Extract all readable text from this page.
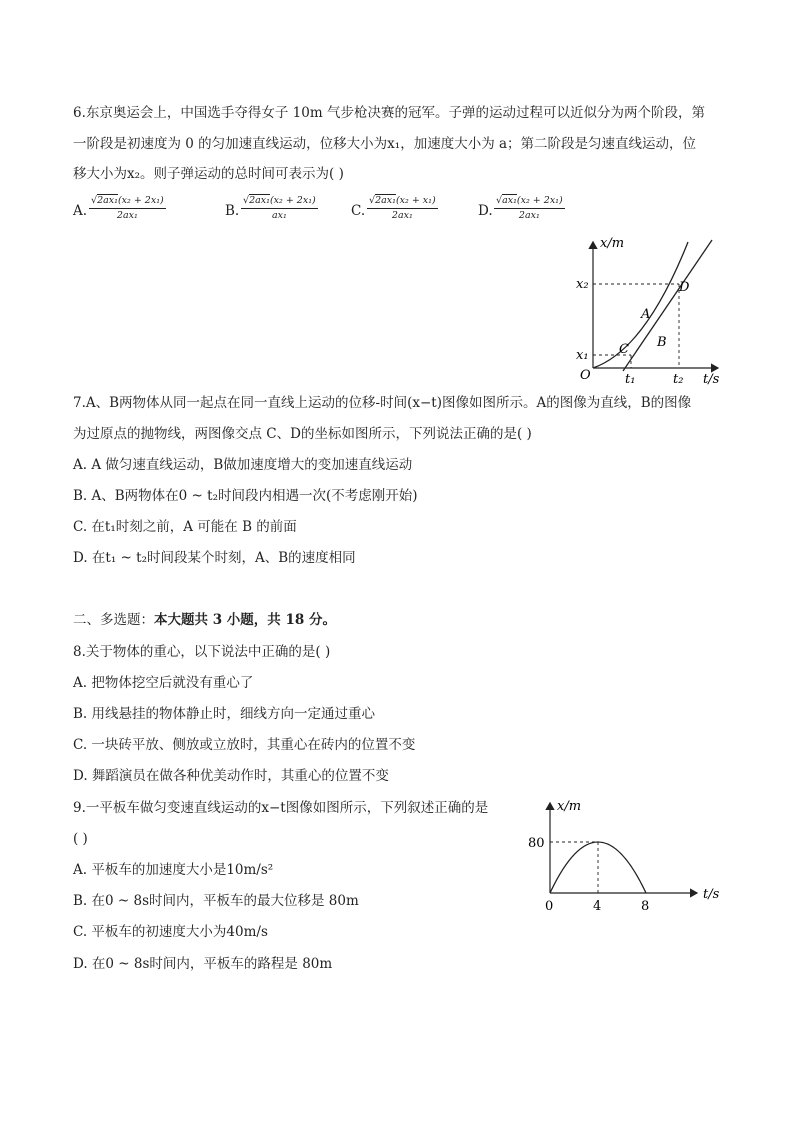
6.东京奥运会上，中国选手夺得女子 10m 气步枪决赛的冠军。子弹的运动过程可以近似分为两个阶段，第
一阶段是初速度为 0 的匀加速直线运动，位移大小为x₁，加速度大小为 a；第二阶段是匀速直线运动，位
移大小为x₂。则子弹运动的总时间可表示为( )
A. $\frac{\text{√2ax₁(x₂ + 2x₁)}}{\text{2ax₁}}$	B. $\frac{\text{√2ax₁(x₂ + 2x₁)}}{\text{ax₁}} C$. $\frac{\text{√2ax₁(x₂ + x₁)}}{\text{2ax₁}}$	D. $\frac{\text{√ax₁(x₂ + 2x₁)}}{\text{2ax₁}}$
x/m
t/s
O
x₂
x₁
t₁	t₂
C
D
A
B
7.A、B两物体从同一起点在同一直线上运动的位移-时间(x−t)图像如图所示。A的图像为直线，B的图像
为过原点的抛物线，两图像交点 C、D的坐标如图所示，下列说法正确的是( )
A. A 做匀速直线运动，B做加速度增大的变加速直线运动
B. A、B两物体在0 ~ t₂时间段内相遇一次(不考虑刚开始)
C. 在t₁时刻之前，A 可能在 B 的前面
D. 在t₁ ~ t₂时间段某个时刻，A、B的速度相同
二、多选题：本大题共 3 小题，共 18 分。
8.关于物体的重心，以下说法中正确的是( )
A. 把物体挖空后就没有重心了
B. 用线悬挂的物体静止时，细线方向一定通过重心
C. 一块砖平放、侧放或立放时，其重心在砖内的位置不变
D. 舞蹈演员在做各种优美动作时，其重心的位置不变
9.一平板车做匀变速直线运动的x−t图像如图所示，下列叙述正确的是
( )
A. 平板车的加速度大小是10m/s²
B. 在0 ~ 8s时间内，平板车的最大位移是 80m
C. 平板车的初速度大小为40m/s
D. 在0 ~ 8s时间内，平板车的路程是 80m
x/m
t/s
80
0	4	8
